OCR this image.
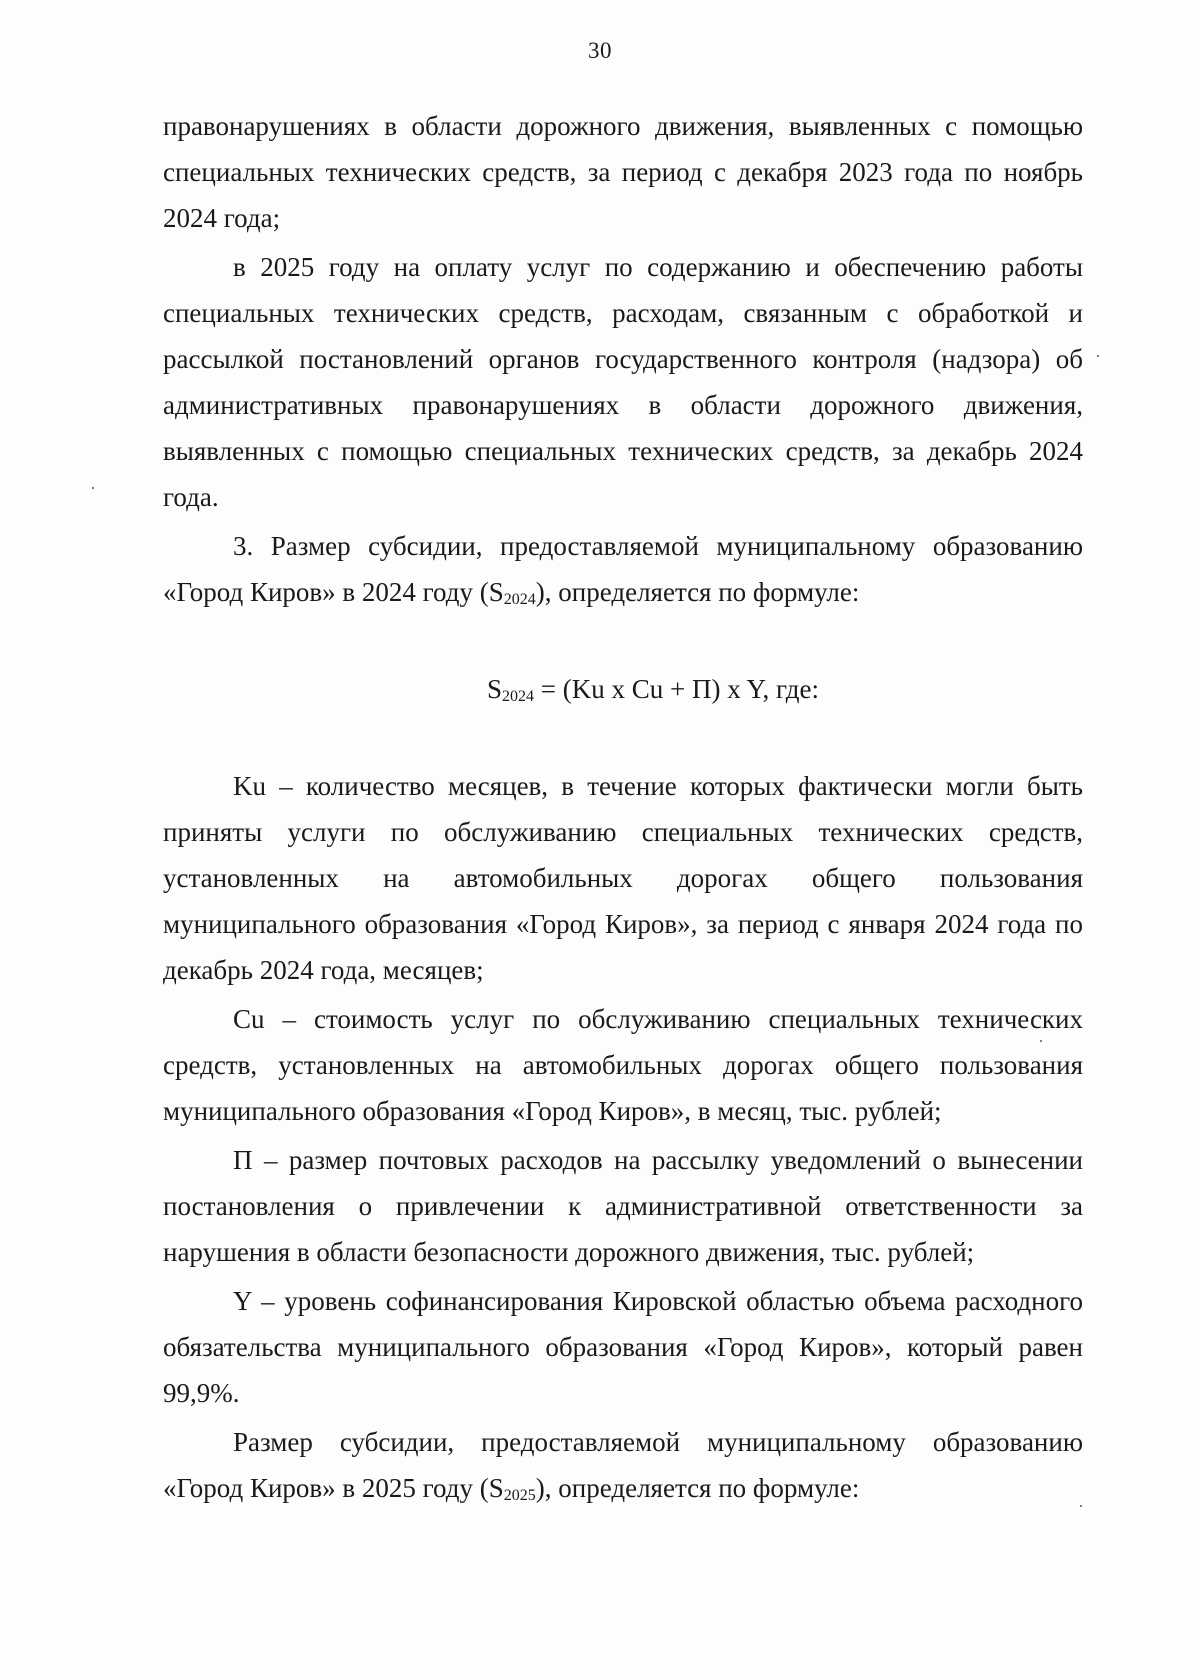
30

правонарушениях в области дорожного движения, выявленных с помощью специальных технических средств, за период с декабря 2023 года по ноябрь 2024 года;

в 2025 году на оплату услуг по содержанию и обеспечению работы специальных технических средств, расходам, связанным с обработкой и рассылкой постановлений органов государственного контроля (надзора) об административных правонарушениях в области дорожного движения, выявленных с помощью специальных технических средств, за декабрь 2024 года.

3. Размер субсидии, предоставляемой муниципальному образованию «Город Киров» в 2024 году $(S_{2024})$, определяется по формуле:

$S_{2024} = (Ku$ x Cu + П) x Y, где:

Ku – количество месяцев, в течение которых фактически могли быть приняты услуги по обслуживанию специальных технических средств, установленных на автомобильных дорогах общего пользования муниципального образования «Город Киров», за период с января 2024 года по декабрь 2024 года, месяцев;

Cu – стоимость услуг по обслуживанию специальных технических средств, установленных на автомобильных дорогах общего пользования муниципального образования «Город Киров», в месяц, тыс. рублей;

П – размер почтовых расходов на рассылку уведомлений о вынесении постановления о привлечении к административной ответственности за нарушения в области безопасности дорожного движения, тыс. рублей;

Y – уровень софинансирования Кировской областью объема расходного обязательства муниципального образования «Город Киров», который равен 99,9%.

Размер субсидии, предоставляемой муниципальному образованию «Город Киров» в 2025 году $(S_{2025})$, определяется по формуле:
